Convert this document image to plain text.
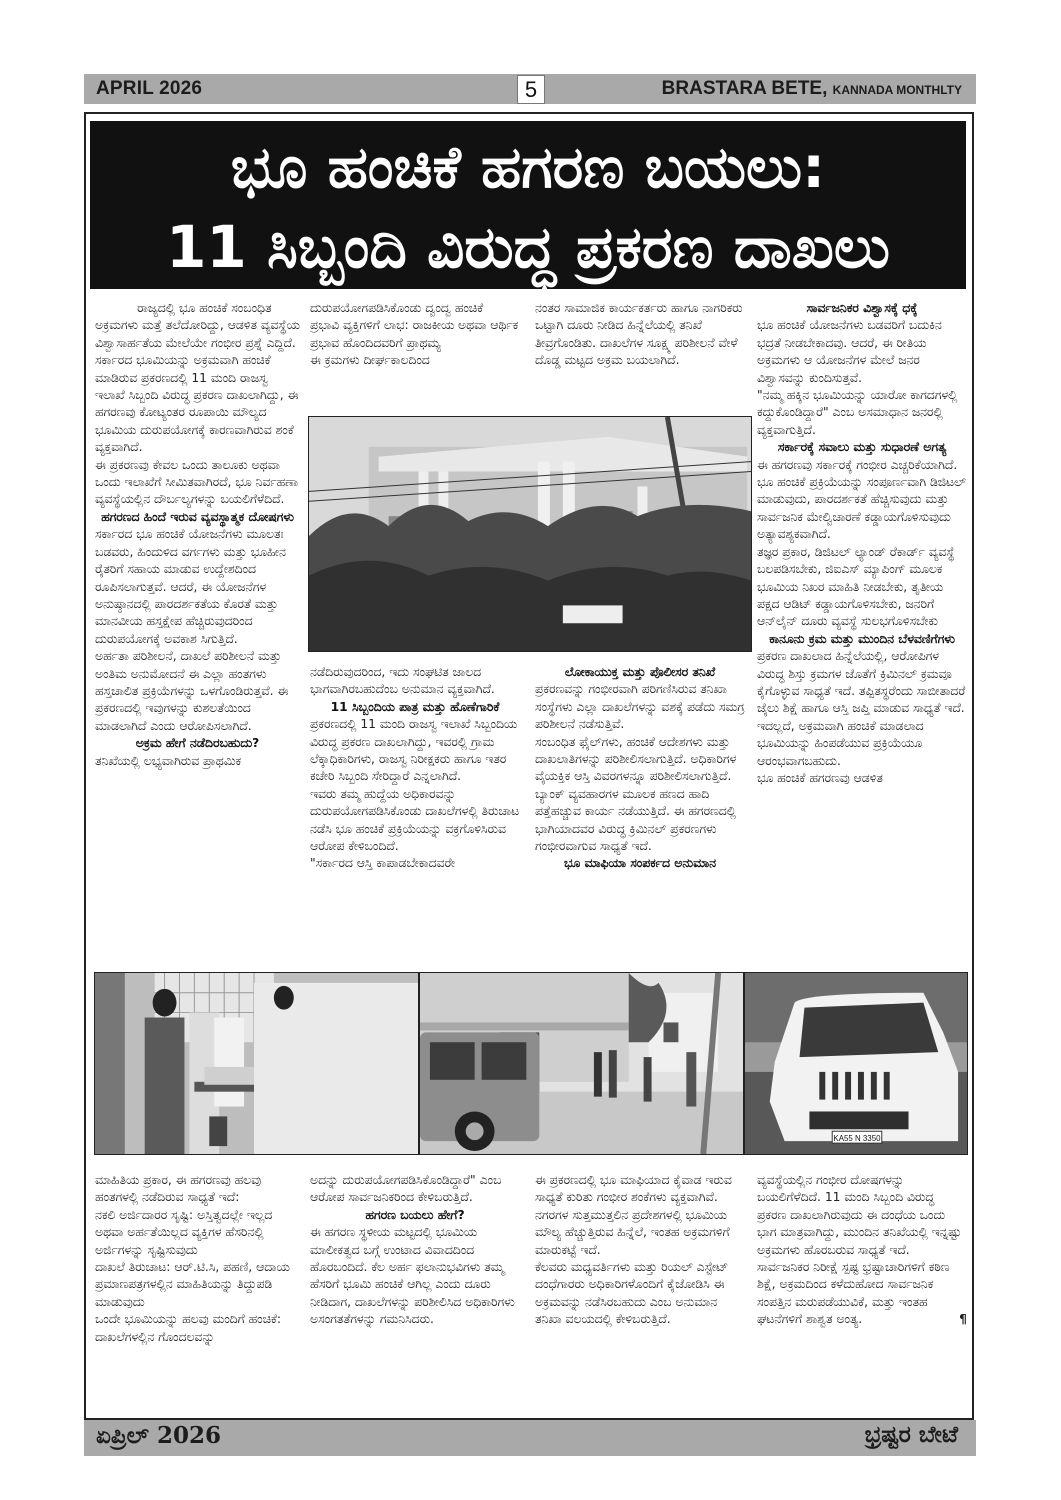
APRIL 2026	5	BRASTARA BETE, KANNADA MONTHLTY
ಭೂ ಹಂಚಿಕೆ ಹಗರಣ ಬಯಲು:
11 ಸಿಬ್ಬಂದಿ ವಿರುದ್ಧ ಪ್ರಕರಣ ದಾಖಲು

ರಾಜ್ಯದಲ್ಲಿ ಭೂ ಹಂಚಿಕೆ ಸಂಬಂಧಿತ ಅಕ್ರಮಗಳು ಮತ್ತೆ ತಲೆದೋರಿದ್ದು, ಆಡಳಿತ ವ್ಯವಸ್ಥೆಯ ವಿಶ್ವಾಸಾರ್ಹತೆಯ ಮೇಲೆಯೇ ಗಂಭೀರ ಪ್ರಶ್ನೆ ಎದ್ದಿದೆ. ಸರ್ಕಾರದ ಭೂಮಿಯನ್ನು ಅಕ್ರಮವಾಗಿ ಹಂಚಿಕೆ ಮಾಡಿರುವ ಪ್ರಕರಣದಲ್ಲಿ 11 ಮಂದಿ ರಾಜಸ್ವ ಇಲಾಖೆ ಸಿಬ್ಬಂದಿ ವಿರುದ್ಧ ಪ್ರಕರಣ ದಾಖಲಾಗಿದ್ದು, ಈ ಹಗರಣವು ಕೋಟ್ಯಂತರ ರೂಪಾಯಿ ಮೌಲ್ಯದ ಭೂಮಿಯ ದುರುಪಯೋಗಕ್ಕೆ ಕಾರಣವಾಗಿರುವ ಶಂಕೆ ವ್ಯಕ್ತವಾಗಿದೆ.

ಈ ಪ್ರಕರಣವು ಕೇವಲ ಒಂದು ತಾಲೂಕು ಅಥವಾ ಒಂದು ಇಲಾಖೆಗೆ ಸೀಮಿತವಾಗಿರದೆ, ಭೂ ನಿರ್ವಹಣಾ ವ್ಯವಸ್ಥೆಯಲ್ಲಿನ ದೌರ್ಬಲ್ಯಗಳನ್ನು ಬಯಲಿಗೆಳೆದಿದೆ.

ಹಗರಣದ ಹಿಂದೆ ಇರುವ ವ್ಯವಸ್ಥಾತ್ಮಕ ದೋಷಗಳು

ಸರ್ಕಾರದ ಭೂ ಹಂಚಿಕೆ ಯೋಜನೆಗಳು ಮೂಲತಃ ಬಡವರು, ಹಿಂದುಳಿದ ವರ್ಗಗಳು ಮತ್ತು ಭೂಹೀನ ರೈತರಿಗೆ ಸಹಾಯ ಮಾಡುವ ಉದ್ದೇಶದಿಂದ ರೂಪಿಸಲಾಗುತ್ತವೆ. ಆದರೆ, ಈ ಯೋಜನೆಗಳ ಅನುಷ್ಠಾನದಲ್ಲಿ ಪಾರದರ್ಶಕತೆಯ ಕೊರತೆ ಮತ್ತು ಮಾನವೀಯ ಹಸ್ತಕ್ಷೇಪ ಹೆಚ್ಚಿರುವುದರಿಂದ ದುರುಪಯೋಗಕ್ಕೆ ಅವಕಾಶ ಸಿಗುತ್ತಿದೆ.

ಅರ್ಹತಾ ಪರಿಶೀಲನೆ, ದಾಖಲೆ ಪರಿಶೀಲನೆ ಮತ್ತು ಅಂತಿಮ ಅನುಮೋದನೆ ಈ ಎಲ್ಲಾ ಹಂತಗಳು ಹಸ್ತಚಾಲಿತ ಪ್ರಕ್ರಿಯೆಗಳನ್ನು ಒಳಗೊಂಡಿರುತ್ತವೆ. ಈ ಪ್ರಕರಣದಲ್ಲಿ ಇವುಗಳನ್ನು ಕುಶಲತೆಯಿಂದ ಮಾಡಲಾಗಿದೆ ಎಂದು ಆರೋಪಿಸಲಾಗಿದೆ.

ಅಕ್ರಮ ಹೇಗೆ ನಡೆದಿರಬಹುದು?

ತನಿಖೆಯಲ್ಲಿ ಲಭ್ಯವಾಗಿರುವ ಪ್ರಾಥಮಿಕ

ದುರುಪಯೋಗಪಡಿಸಿಕೊಂಡು ದ್ವಂದ್ವ ಹಂಚಿಕೆ

ಪ್ರಭಾವಿ ವ್ಯಕ್ತಿಗಳಿಗೆ ಲಾಭ: ರಾಜಕೀಯ ಅಥವಾ ಆರ್ಥಿಕ ಪ್ರಭಾವ ಹೊಂದಿದವರಿಗೆ ಪ್ರಾಥಮ್ಯ

ಈ ಕ್ರಮಗಳು ದೀರ್ಘಕಾಲದಿಂದ

ನಂತರ ಸಾಮಾಜಿಕ ಕಾರ್ಯಕರ್ತರು ಹಾಗೂ ನಾಗರಿಕರು ಒಟ್ಟಾಗಿ ದೂರು ನೀಡಿದ ಹಿನ್ನೆಲೆಯಲ್ಲಿ ತನಿಖೆ ತೀವ್ರಗೊಂಡಿತು. ದಾಖಲೆಗಳ ಸೂಕ್ಷ್ಮ ಪರಿಶೀಲನೆ ವೇಳೆ ದೊಡ್ಡ ಮಟ್ಟದ ಅಕ್ರಮ ಬಯಲಾಗಿದೆ.

ಸಾರ್ವಜನಿಕರ ವಿಶ್ವಾಸಕ್ಕೆ ಧಕ್ಕೆ

ಭೂ ಹಂಚಿಕೆ ಯೋಜನೆಗಳು ಬಡವರಿಗೆ ಬದುಕಿನ ಭದ್ರತೆ ನೀಡಬೇಕಾದವು. ಆದರೆ, ಈ ರೀತಿಯ ಅಕ್ರಮಗಳು ಆ ಯೋಜನೆಗಳ ಮೇಲೆ ಜನರ ವಿಶ್ವಾಸವನ್ನು ಕುಂದಿಸುತ್ತವೆ.

"ನಮ್ಮ ಹಕ್ಕಿನ ಭೂಮಿಯನ್ನು ಯಾರೋ ಕಾಗದಗಳಲ್ಲಿ ಕದ್ದುಕೊಂಡಿದ್ದಾರೆ" ಎಂಬ ಅಸಮಾಧಾನ ಜನರಲ್ಲಿ ವ್ಯಕ್ತವಾಗುತ್ತಿದೆ.

ಸರ್ಕಾರಕ್ಕೆ ಸವಾಲು ಮತ್ತು ಸುಧಾರಣೆ ಅಗತ್ಯ

ಈ ಹಗರಣವು ಸರ್ಕಾರಕ್ಕೆ ಗಂಭೀರ ಎಚ್ಚರಿಕೆಯಾಗಿದೆ. ಭೂ ಹಂಚಿಕೆ ಪ್ರಕ್ರಿಯೆಯನ್ನು ಸಂಪೂರ್ಣವಾಗಿ ಡಿಜಿಟಲ್ ಮಾಡುವುದು, ಪಾರದರ್ಶಕತೆ ಹೆಚ್ಚಿಸುವುದು ಮತ್ತು ಸಾರ್ವಜನಿಕ ಮೇಲ್ವಿಚಾರಣೆ ಕಡ್ಡಾಯಗೊಳಿಸುವುದು ಅತ್ಯಾವಶ್ಯಕವಾಗಿದೆ.

ತಜ್ಞರ ಪ್ರಕಾರ, ಡಿಜಿಟಲ್ ಲ್ಯಾಂಡ್ ರೆಕಾರ್ಡ್ ವ್ಯವಸ್ಥೆ ಬಲಪಡಿಸಬೇಕು, ಜಿಐಎಸ್ ಮ್ಯಾಪಿಂಗ್ ಮೂಲಕ ಭೂಮಿಯ ನಿಖರ ಮಾಹಿತಿ ನೀಡಬೇಕು, ತೃತೀಯ ಪಕ್ಷದ ಆಡಿಟ್ ಕಡ್ಡಾಯಗೊಳಿಸಬೇಕು, ಜನರಿಗೆ ಆನ್‌ಲೈನ್ ದೂರು ವ್ಯವಸ್ಥೆ ಸುಲಭಗೊಳಿಸಬೇಕು

ಕಾನೂನು ಕ್ರಮ ಮತ್ತು ಮುಂದಿನ ಬೆಳವಣಿಗೆಗಳು

ಪ್ರಕರಣ ದಾಖಲಾದ ಹಿನ್ನೆಲೆಯಲ್ಲಿ, ಆರೋಪಿಗಳ ವಿರುದ್ಧ ಶಿಸ್ತು ಕ್ರಮಗಳ ಜೊತೆಗೆ ಕ್ರಿಮಿನಲ್ ಕ್ರಮವೂ ಕೈಗೊಳ್ಳುವ ಸಾಧ್ಯತೆ ಇದೆ. ತಪ್ಪಿತಸ್ಥರೆಂದು ಸಾಬೀತಾದರೆ ಜೈಲು ಶಿಕ್ಷೆ ಹಾಗೂ ಆಸ್ತಿ ಜಪ್ತಿ ಮಾಡುವ ಸಾಧ್ಯತೆ ಇದೆ.

ಇದಲ್ಲದೆ, ಅಕ್ರಮವಾಗಿ ಹಂಚಿಕೆ ಮಾಡಲಾದ ಭೂಮಿಯನ್ನು ಹಿಂಪಡೆಯುವ ಪ್ರಕ್ರಿಯೆಯೂ ಆರಂಭವಾಗಬಹುದು.

ಭೂ ಹಂಚಿಕೆ ಹಗರಣವು ಆಡಳಿತ

ನಡೆದಿರುವುದರಿಂದ, ಇದು ಸಂಘಟಿತ ಜಾಲದ ಭಾಗವಾಗಿರಬಹುದೆಂಬ ಅನುಮಾನ ವ್ಯಕ್ತವಾಗಿದೆ.

11 ಸಿಬ್ಬಂದಿಯ ಪಾತ್ರ ಮತ್ತು ಹೊಣೆಗಾರಿಕೆ

ಪ್ರಕರಣದಲ್ಲಿ 11 ಮಂದಿ ರಾಜಸ್ವ ಇಲಾಖೆ ಸಿಬ್ಬಂದಿಯ ವಿರುದ್ಧ ಪ್ರಕರಣ ದಾಖಲಾಗಿದ್ದು, ಇವರಲ್ಲಿ ಗ್ರಾಮ ಲೆಕ್ಕಾಧಿಕಾರಿಗಳು, ರಾಜಸ್ವ ನಿರೀಕ್ಷಕರು ಹಾಗೂ ಇತರ ಕಚೇರಿ ಸಿಬ್ಬಂದಿ ಸೇರಿದ್ದಾರೆ ಎನ್ನಲಾಗಿದೆ.

ಇವರು ತಮ್ಮ ಹುದ್ದೆಯ ಅಧಿಕಾರವನ್ನು ದುರುಪಯೋಗಪಡಿಸಿಕೊಂಡು ದಾಖಲೆಗಳಲ್ಲಿ ತಿರುಚಾಟ ನಡೆಸಿ ಭೂ ಹಂಚಿಕೆ ಪ್ರಕ್ರಿಯೆಯನ್ನು ವಕ್ರಗೊಳಿಸಿರುವ ಆರೋಪ ಕೇಳಿಬಂದಿದೆ.

"ಸರ್ಕಾರದ ಆಸ್ತಿ ಕಾಪಾಡಬೇಕಾದವರೇ

ಲೋಕಾಯುಕ್ತ ಮತ್ತು ಪೊಲೀಸರ ತನಿಖೆ

ಪ್ರಕರಣವನ್ನು ಗಂಭೀರವಾಗಿ ಪರಿಗಣಿಸಿರುವ ತನಿಖಾ ಸಂಸ್ಥೆಗಳು ಎಲ್ಲಾ ದಾಖಲೆಗಳನ್ನು ವಶಕ್ಕೆ ಪಡೆದು ಸಮಗ್ರ ಪರಿಶೀಲನೆ ನಡೆಸುತ್ತಿವೆ.

ಸಂಬಂಧಿತ ಫೈಲ್‌ಗಳು, ಹಂಚಿಕೆ ಆದೇಶಗಳು ಮತ್ತು ದಾಖಲಾತಿಗಳನ್ನು ಪರಿಶೀಲಿಸಲಾಗುತ್ತಿದೆ. ಅಧಿಕಾರಿಗಳ ವೈಯಕ್ತಿಕ ಆಸ್ತಿ ವಿವರಗಳನ್ನೂ ಪರಿಶೀಲಿಸಲಾಗುತ್ತಿದೆ. ಬ್ಯಾಂಕ್ ವ್ಯವಹಾರಗಳ ಮೂಲಕ ಹಣದ ಹಾದಿ ಪತ್ತೆಹಚ್ಚುವ ಕಾರ್ಯ ನಡೆಯುತ್ತಿದೆ. ಈ ಹಗರಣದಲ್ಲಿ ಭಾಗಿಯಾದವರ ವಿರುದ್ಧ ಕ್ರಿಮಿನಲ್ ಪ್ರಕರಣಗಳು ಗಂಭೀರವಾಗುವ ಸಾಧ್ಯತೆ ಇದೆ.

ಭೂ ಮಾಫಿಯಾ ಸಂಪರ್ಕದ ಅನುಮಾನ

ಮಾಹಿತಿಯ ಪ್ರಕಾರ, ಈ ಹಗರಣವು ಹಲವು ಹಂತಗಳಲ್ಲಿ ನಡೆದಿರುವ ಸಾಧ್ಯತೆ ಇದೆ:

ನಕಲಿ ಅರ್ಜಿದಾರರ ಸೃಷ್ಟಿ: ಅಸ್ತಿತ್ವದಲ್ಲೇ ಇಲ್ಲದ ಅಥವಾ ಅರ್ಹತೆಯಿಲ್ಲದ ವ್ಯಕ್ತಿಗಳ ಹೆಸರಿನಲ್ಲಿ ಅರ್ಜಿಗಳನ್ನು ಸೃಷ್ಟಿಸುವುದು

ದಾಖಲೆ ತಿರುಚಾಟ: ಆರ್.ಟಿ.ಸಿ, ಪಹಣಿ, ಆದಾಯ ಪ್ರಮಾಣಪತ್ರಗಳಲ್ಲಿನ ಮಾಹಿತಿಯನ್ನು ತಿದ್ದುಪಡಿ ಮಾಡುವುದು

ಒಂದೇ ಭೂಮಿಯನ್ನು ಹಲವು ಮಂದಿಗೆ ಹಂಚಿಕೆ: ದಾಖಲೆಗಳಲ್ಲಿನ ಗೊಂದಲವನ್ನು

ಅದನ್ನು ದುರುಪಯೋಗಪಡಿಸಿಕೊಂಡಿದ್ದಾರೆ" ಎಂಬ ಆರೋಪ ಸಾರ್ವಜನಿಕರಿಂದ ಕೇಳಿಬರುತ್ತಿದೆ.

ಹಗರಣ ಬಯಲು ಹೇಗೆ?

ಈ ಹಗರಣ ಸ್ಥಳೀಯ ಮಟ್ಟದಲ್ಲಿ ಭೂಮಿಯ ಮಾಲೀಕತ್ವದ ಬಗ್ಗೆ ಉಂಟಾದ ವಿವಾದದಿಂದ ಹೊರಬಂದಿದೆ. ಕೆಲ ಅರ್ಹ ಫಲಾನುಭವಿಗಳು ತಮ್ಮ ಹೆಸರಿಗೆ ಭೂಮಿ ಹಂಚಿಕೆ ಆಗಿಲ್ಲ ಎಂದು ದೂರು ನೀಡಿದಾಗ, ದಾಖಲೆಗಳನ್ನು ಪರಿಶೀಲಿಸಿದ ಅಧಿಕಾರಿಗಳು ಅಸಂಗತತೆಗಳನ್ನು ಗಮನಿಸಿದರು.

ಈ ಪ್ರಕರಣದಲ್ಲಿ ಭೂ ಮಾಫಿಯಾದ ಕೈವಾಡ ಇರುವ ಸಾಧ್ಯತೆ ಕುರಿತು ಗಂಭೀರ ಶಂಕೆಗಳು ವ್ಯಕ್ತವಾಗಿವೆ. ನಗರಗಳ ಸುತ್ತಮುತ್ತಲಿನ ಪ್ರದೇಶಗಳಲ್ಲಿ ಭೂಮಿಯ ಮೌಲ್ಯ ಹೆಚ್ಚುತ್ತಿರುವ ಹಿನ್ನೆಲೆ, ಇಂತಹ ಅಕ್ರಮಗಳಿಗೆ ಮಾರುಕಟ್ಟೆ ಇದೆ.

ಕೆಲವರು ಮಧ್ಯವರ್ತಿಗಳು ಮತ್ತು ರಿಯಲ್ ಎಸ್ಟೇಟ್ ದಂಧೆಗಾರರು ಅಧಿಕಾರಿಗಳೊಂದಿಗೆ ಕೈಜೋಡಿಸಿ ಈ ಅಕ್ರಮವನ್ನು ನಡೆಸಿರಬಹುದು ಎಂಬ ಅನುಮಾನ ತನಿಖಾ ವಲಯದಲ್ಲಿ ಕೇಳಿಬರುತ್ತಿದೆ.

ವ್ಯವಸ್ಥೆಯಲ್ಲಿನ ಗಂಭೀರ ದೋಷಗಳನ್ನು ಬಯಲಿಗೆಳೆದಿದೆ. 11 ಮಂದಿ ಸಿಬ್ಬಂದಿ ವಿರುದ್ಧ ಪ್ರಕರಣ ದಾಖಲಾಗಿರುವುದು ಈ ದಂಧೆಯ ಒಂದು ಭಾಗ ಮಾತ್ರವಾಗಿದ್ದು, ಮುಂದಿನ ತನಿಖೆಯಲ್ಲಿ ಇನ್ನಷ್ಟು ಅಕ್ರಮಗಳು ಹೊರಬರುವ ಸಾಧ್ಯತೆ ಇದೆ.

ಸಾರ್ವಜನಿಕರ ನಿರೀಕ್ಷೆ ಸ್ಪಷ್ಟ ಭ್ರಷ್ಟಾಚಾರಿಗಳಿಗೆ ಕಠಿಣ ಶಿಕ್ಷೆ, ಅಕ್ರಮದಿಂದ ಕಳೆದುಹೋದ ಸಾರ್ವಜನಿಕ ಸಂಪತ್ತಿನ ಮರುಪಡೆಯುವಿಕೆ, ಮತ್ತು ಇಂತಹ ಘಟನೆಗಳಿಗೆ ಶಾಶ್ವತ ಅಂತ್ಯ.	¶

KA55 N 3350
ಏಪ್ರಿಲ್ 2026	ಭ್ರಷ್ಟರ ಬೇಟೆ
